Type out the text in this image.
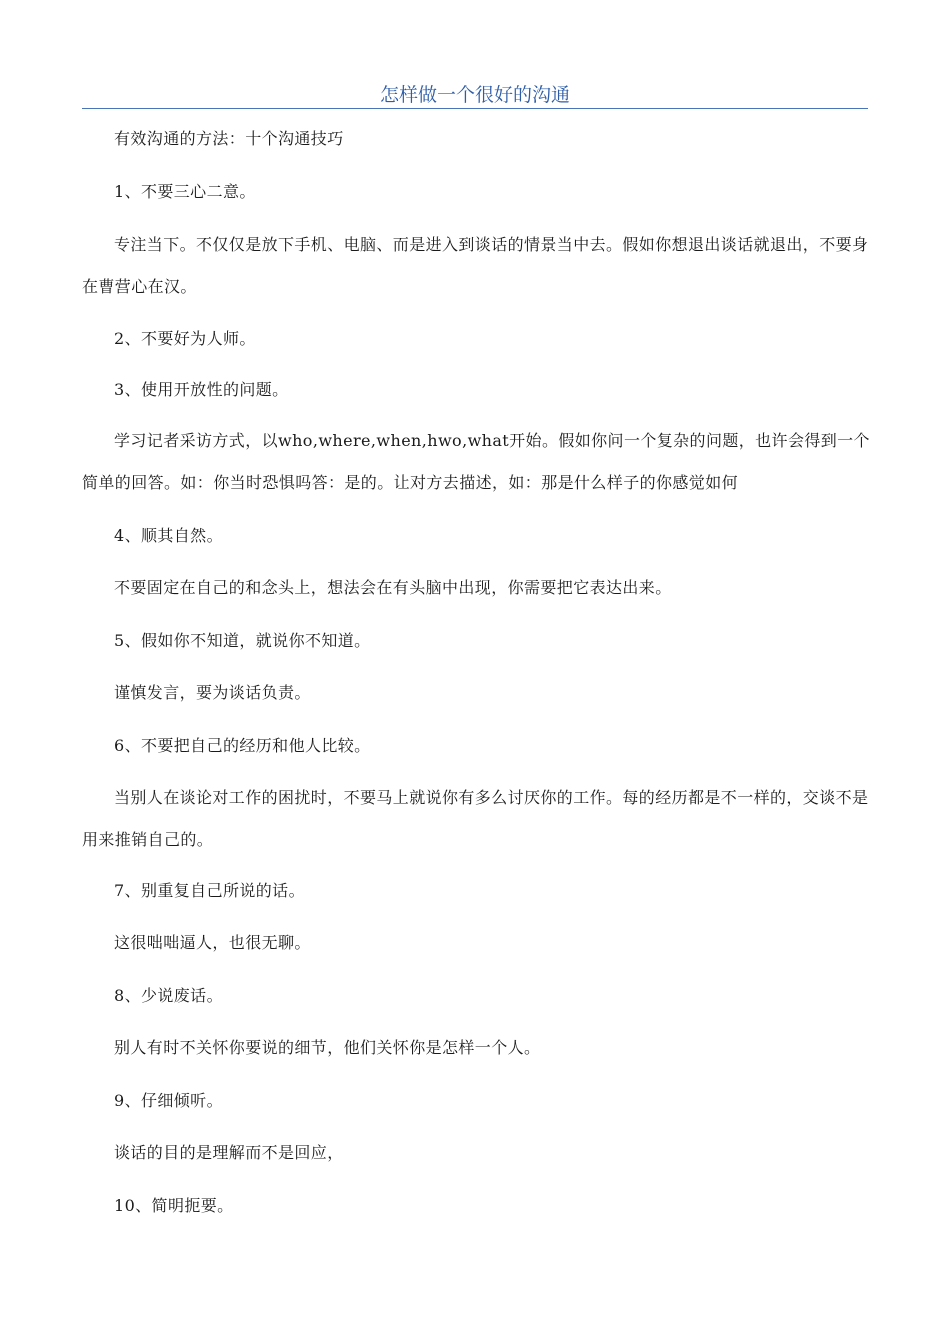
怎样做一个很好的沟通

有效沟通的方法：十个沟通技巧

1、不要三心二意。

专注当下。不仅仅是放下手机、电脑、而是进入到谈话的情景当中去。假如你想退出谈话就退出，不要身在曹营心在汉。

2、不要好为人师。

3、使用开放性的问题。

学习记者采访方式，以who,where,when,hwo,what开始。假如你问一个复杂的问题，也许会得到一个简单的回答。如：你当时恐惧吗答：是的。让对方去描述，如：那是什么样子的你感觉如何

4、顺其自然。

不要固定在自己的和念头上，想法会在有头脑中出现，你需要把它表达出来。

5、假如你不知道，就说你不知道。

谨慎发言，要为谈话负责。

6、不要把自己的经历和他人比较。

当别人在谈论对工作的困扰时，不要马上就说你有多么讨厌你的工作。每的经历都是不一样的，交谈不是用来推销自己的。

7、别重复自己所说的话。

这很咄咄逼人，也很无聊。

8、少说废话。

别人有时不关怀你要说的细节，他们关怀你是怎样一个人。

9、仔细倾听。

谈话的目的是理解而不是回应，

10、简明扼要。
